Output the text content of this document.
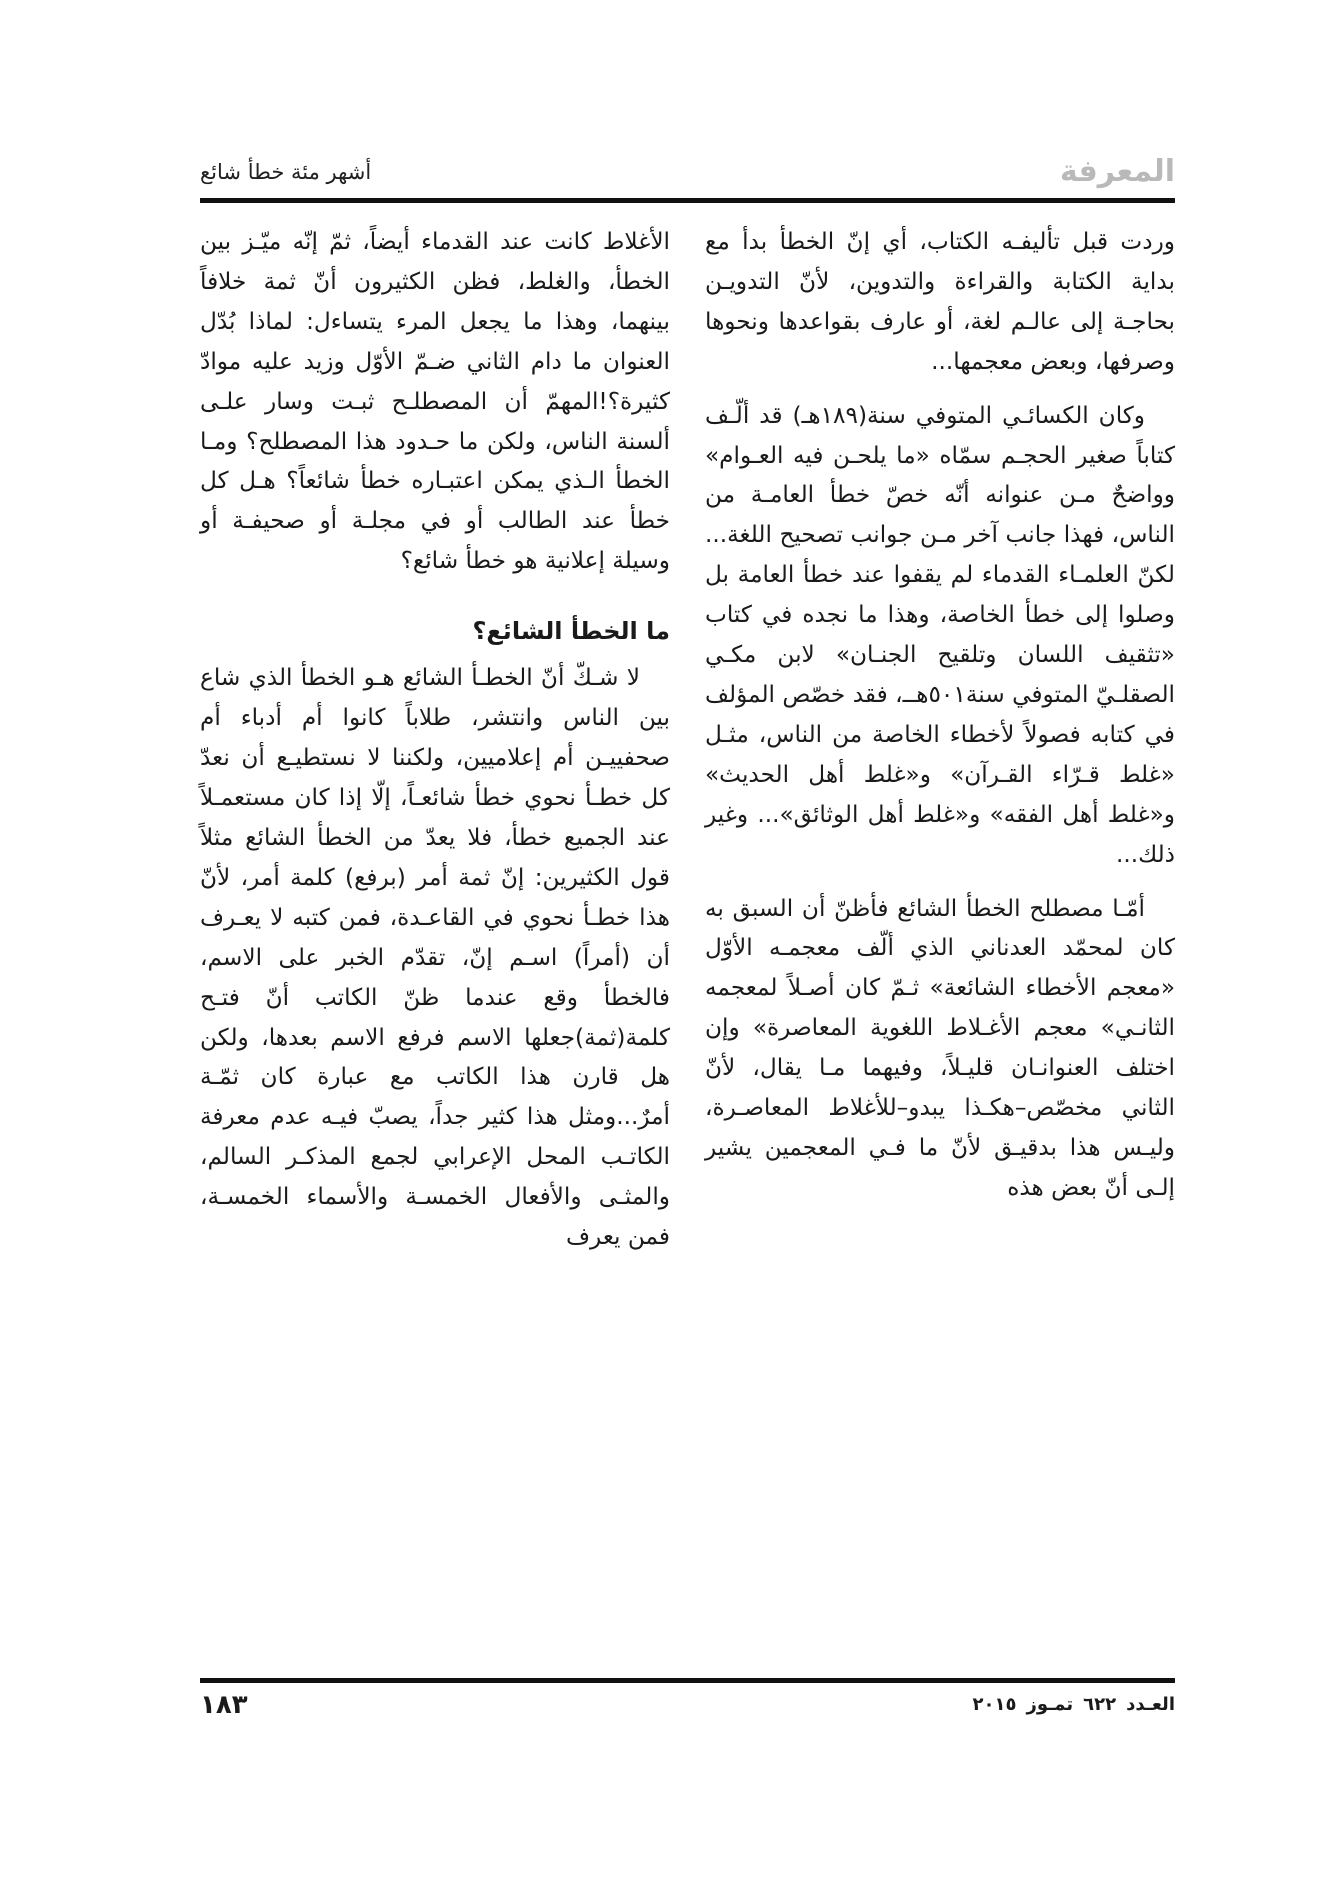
المعرفة
أشهر مئة خطأ شائع

وردت قبل تأليفـه الكتاب، أي إنّ الخطأ بدأ مع بداية الكتابة والقراءة والتدوين، لأنّ التدويـن بحاجـة إلى عالـم لغة، أو عارف بقواعدها ونحوها وصرفها، وبعض معجمها...

وكان الكسائـي المتوفي سنة(١٨٩هـ) قد ألّـف كتاباً صغير الحجـم سمّاه «ما يلحـن فيه العـوام» وواضحٌ مـن عنوانه أنّه خصّ خطأ العامـة من الناس، فهذا جانب آخر مـن جوانب تصحيح اللغة... لكنّ العلمـاء القدماء لم يقفوا عند خطأ العامة بل وصلوا إلى خطأ الخاصة، وهذا ما نجده في كتاب «تثقيف اللسان وتلقيح الجنـان» لابن مكـي الصقلـيّ المتوفي سنة٥٠١هــ، فقد خصّص المؤلف في كتابه فصولاً لأخطاء الخاصة من الناس، مثـل «غلط قـرّاء القـرآن» و«غلط أهل الحديث» و«غلط أهل الفقه» و«غلط أهل الوثائق»... وغير ذلك...

أمّـا مصطلح الخطأ الشائع فأظنّ أن السبق به كان لمحمّد العدناني الذي ألّف معجمـه الأوّل «معجم الأخطاء الشائعة» ثـمّ كان أصـلاً لمعجمه الثانـي» معجم الأغـلاط اللغوية المعاصرة» وإن اختلف العنوانـان قليـلاً، وفيهما مـا يقال، لأنّ الثاني مخصّص–هكـذا يبدو–للأغلاط المعاصـرة، وليـس هذا بدقيـق لأنّ ما فـي المعجمين يشير إلـى أنّ بعض هذه

الأغلاط كانت عند القدماء أيضاً، ثمّ إنّه ميّـز بين الخطأ، والغلط، فظن الكثيرون أنّ ثمة خلافاً بينهما، وهذا ما يجعل المرء يتساءل: لماذا بُدّل العنوان ما دام الثاني ضـمّ الأوّل وزيد عليه موادّ كثيرة؟!المهمّ أن المصطلـح ثبـت وسار علـى ألسنة الناس، ولكن ما حـدود هذا المصطلح؟ ومـا الخطأ الـذي يمكن اعتبـاره خطأ شائعاً؟ هـل كل خطأ عند الطالب أو في مجلـة أو صحيفـة أو وسيلة إعلانية هو خطأ شائع؟

ما الخطأ الشائع؟

لا شـكّ أنّ الخطـأ الشائع هـو الخطأ الذي شاع بين الناس وانتشر، طلاباً كانوا أم أدباء أم صحفييـن أم إعلاميين، ولكننا لا نستطيـع أن نعدّ كل خطـأ نحوي خطأ شائعـاً، إلّا إذا كان مستعمـلاً عند الجميع خطأ، فلا يعدّ من الخطأ الشائع مثلاً قول الكثيرين: إنّ ثمة أمر (برفع) كلمة أمر، لأنّ هذا خطـأ نحوي في القاعـدة، فمن كتبه لا يعـرف أن (أمراً) اسـم إنّ، تقدّم الخبر على الاسم، فالخطأ وقع عندما ظنّ الكاتب أنّ فتـح كلمة(ثمة)جعلها الاسم فرفع الاسم بعدها، ولكن هل قارن هذا الكاتب مع عبارة كان ثمّـة أمرٌ...ومثل هذا كثير جداً، يصبّ فيـه عدم معرفة الكاتـب المحل الإعرابي لجمع المذكـر السالم، والمثـى والأفعال الخمسـة والأسماء الخمسـة، فمن يعرف

العـدد
٦٢٢
تمـوز
٢٠١٥
١٨٣
